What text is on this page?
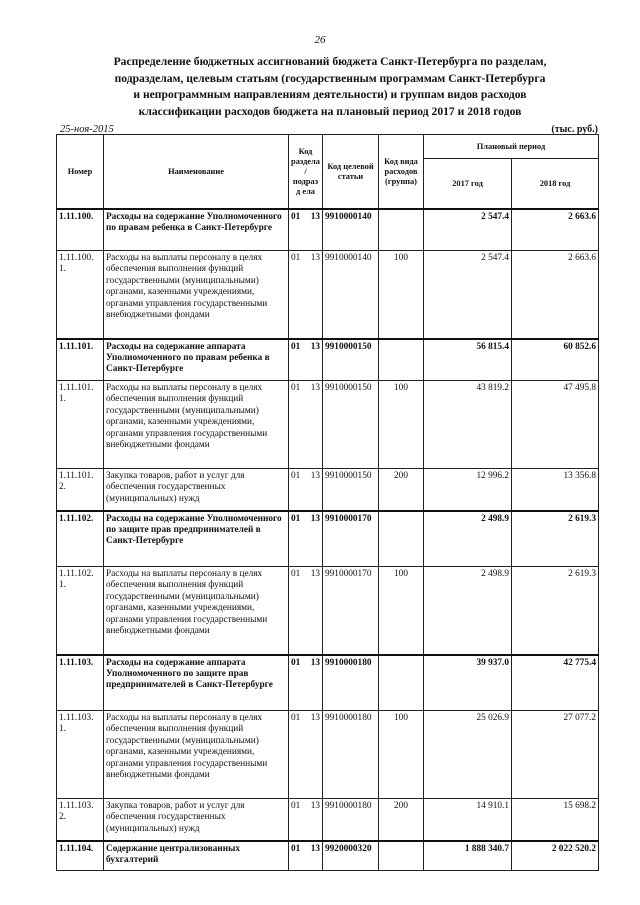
26
Распределение бюджетных ассигнований бюджета Санкт-Петербурга по разделам,
подразделам, целевым статьям (государственным программам Санкт-Петербурга
и непрограммным направлениям деятельности) и группам видов расходов
классификации расходов бюджета на плановый период 2017 и 2018 годов
25-ноя-2015	(тыс. руб.)
Номер	Наименование	Код раздела/ подразд ела	Код целевой статьи	Код вида расходов (группа)	Плановый период	
					2017 год	2018 год
1.11.100.	Расходы на содержание Уполномоченного по правам ребенка в Санкт-Петербурге	01 13	9910000140		2 547.4	2 663.6
1.11.100. 1.	Расходы на выплаты персоналу в целях обеспечения выполнения функций государственными (муниципальными) органами, казенными учреждениями, органами управления государственными внебюджетными фондами	01 13	9910000140	100	2 547.4	2 663.6
1.11.101.	Расходы на содержание аппарата Уполномоченного по правам ребенка в Санкт-Петербурге	01 13	9910000150		56 815.4	60 852.6
1.11.101. 1.	Расходы на выплаты персоналу в целях обеспечения выполнения функций государственными (муниципальными) органами, казенными учреждениями, органами управления государственными внебюджетными фондами	01 13	9910000150	100	43 819.2	47 495.8
1.11.101. 2.	Закупка товаров, работ и услуг для обеспечения государственных (муниципальных) нужд	01 13	9910000150	200	12 996.2	13 356.8
1.11.102.	Расходы на содержание Уполномоченного по защите прав предпринимателей в Санкт-Петербурге	01 13	9910000170		2 498.9	2 619.3
1.11.102. 1.	Расходы на выплаты персоналу в целях обеспечения выполнения функций государственными (муниципальными) органами, казенными учреждениями, органами управления государственными внебюджетными фондами	01 13	9910000170	100	2 498.9	2 619.3
1.11.103.	Расходы на содержание аппарата Уполномоченного по защите прав предпринимателей в Санкт-Петербурге	01 13	9910000180		39 937.0	42 775.4
1.11.103. 1.	Расходы на выплаты персоналу в целях обеспечения выполнения функций государственными (муниципальными) органами, казенными учреждениями, органами управления государственными внебюджетными фондами	01 13	9910000180	100	25 026.9	27 077.2
1.11.103. 2.	Закупка товаров, работ и услуг для обеспечения государственных (муниципальных) нужд	01 13	9910000180	200	14 910.1	15 698.2
1.11.104.	Содержание централизованных бухгалтерий	01 13	9920000320		1 888 340.7	2 022 520.2
